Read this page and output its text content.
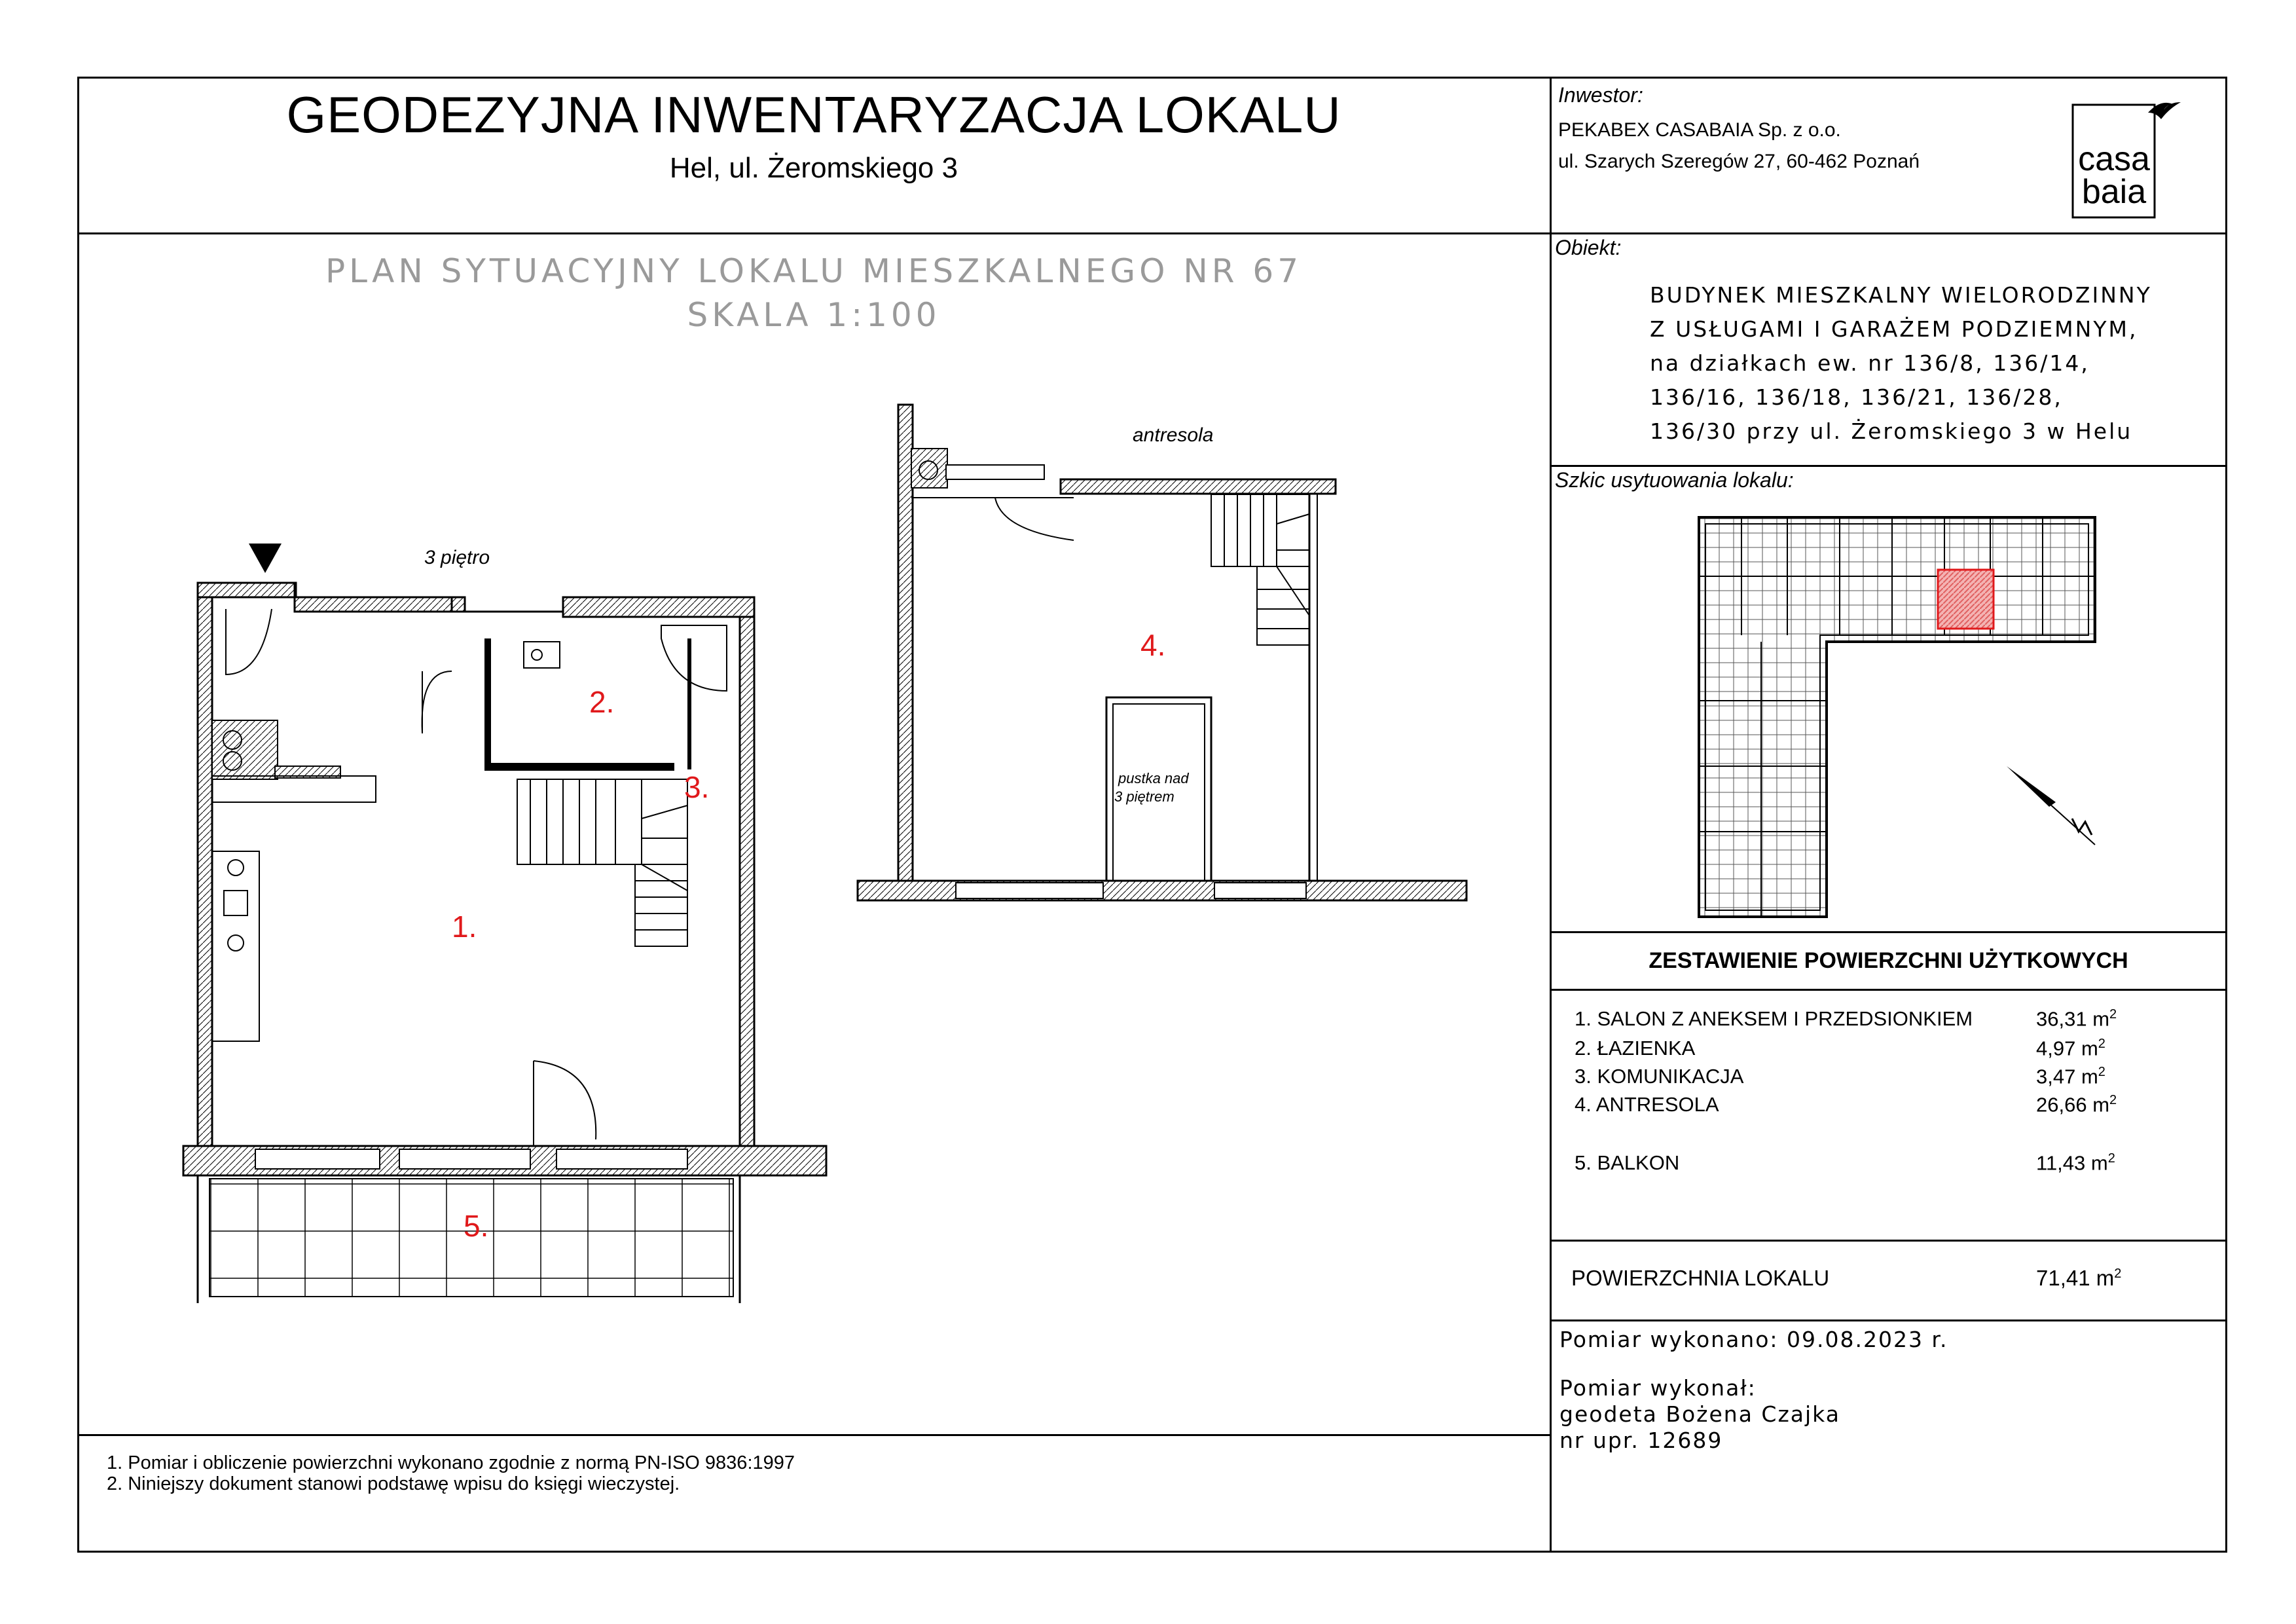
GEODEZYJNA INWENTARYZACJA LOKALU
Hel, ul. Żeromskiego 3
Inwestor:
PEKABEX CASABAIA Sp. z o.o.
ul. Szarych Szeregów 27, 60-462 Poznań	casa
baia
PLAN SYTUACYJNY LOKALU MIESZKALNEGO NR 67
SKALA 1:100
3 piętro
1.
2.
3.
5.
antresola
4.
pustka nad
3 piętrem
Obiekt:
BUDYNEK MIESZKALNY WIELORODZINNY
Z USŁUGAMI I GARAŻEM PODZIEMNYM,
na działkach ew. nr 136/8, 136/14,
136/16, 136/18, 136/21, 136/28,
136/30 przy ul. Żeromskiego 3 w Helu
Szkic usytuowania lokalu:
ZESTAWIENIE POWIERZCHNI UŻYTKOWYCH
1. SALON Z ANEKSEM I PRZEDSIONKIEM	36,31 $m^2$
2. ŁAZIENKA	4,97 $m^2$
3. KOMUNIKACJA	3,47 $m^2$
4. ANTRESOLA	26,66 $m^2$
5. BALKON	11,43 $m^2$
POWIERZCHNIA LOKALU	71,41 $m^2$
Pomiar wykonano: 09.08.2023 r.
Pomiar wykonał:
geodeta Bożena Czajka
nr upr. 12689
1. Pomiar i obliczenie powierzchni wykonano zgodnie z normą PN-ISO 9836:1997
2. Niniejszy dokument stanowi podstawę wpisu do księgi wieczystej.
